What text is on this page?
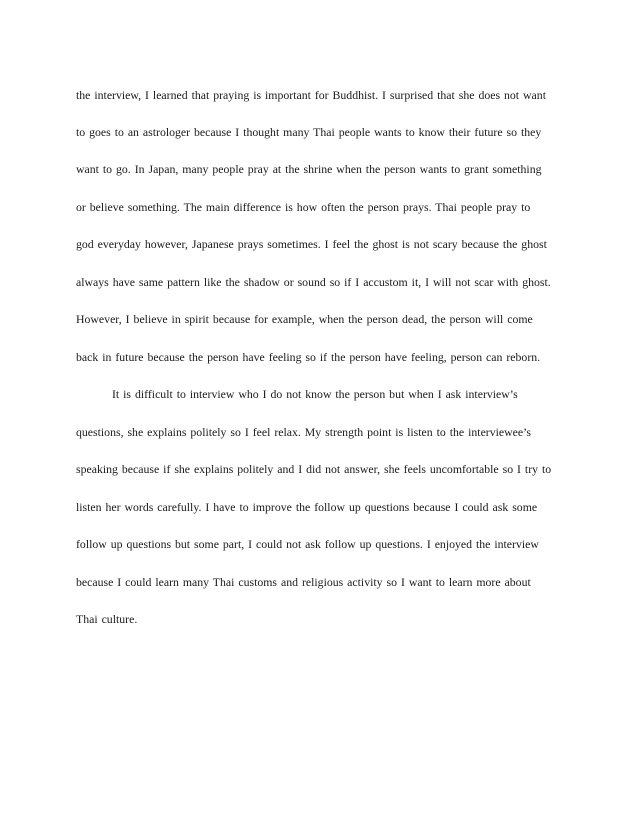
the interview, I learned that praying is important for Buddhist. I surprised that she does not want
to goes to an astrologer because I thought many Thai people wants to know their future so they
want to go. In Japan, many people pray at the shrine when the person wants to grant something
or believe something. The main difference is how often the person prays. Thai people pray to
god everyday however, Japanese prays sometimes. I feel the ghost is not scary because the ghost
always have same pattern like the shadow or sound so if I accustom it, I will not scar with ghost.
However, I believe in spirit because for example, when the person dead, the person will come
back in future because the person have feeling so if the person have feeling, person can reborn.
It is difficult to interview who I do not know the person but when I ask interview’s
questions, she explains politely so I feel relax. My strength point is listen to the interviewee’s
speaking because if she explains politely and I did not answer, she feels uncomfortable so I try to
listen her words carefully. I have to improve the follow up questions because I could ask some
follow up questions but some part, I could not ask follow up questions. I enjoyed the interview
because I could learn many Thai customs and religious activity so I want to learn more about
Thai culture.
